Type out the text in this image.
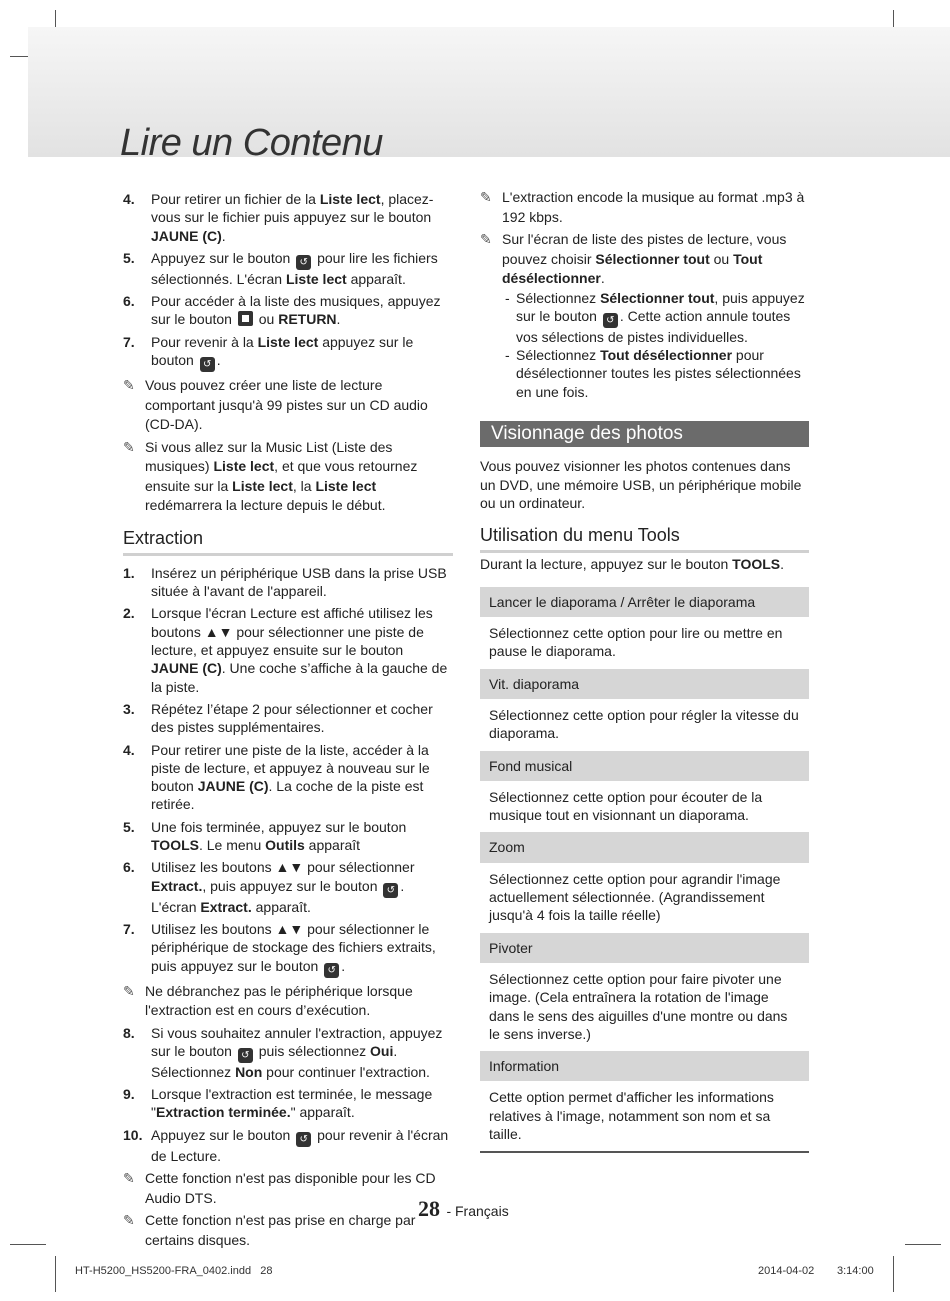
Lire un Contenu
4. Pour retirer un fichier de la Liste lect, placez-vous sur le fichier puis appuyez sur le bouton JAUNE (C).
5. Appuyez sur le bouton ↺ pour lire les fichiers sélectionnés. L'écran Liste lect apparaît.
6. Pour accéder à la liste des musiques, appuyez sur le bouton  ou RETURN.
7. Pour revenir à la Liste lect appuyez sur le bouton ↺ .
✎ Vous pouvez créer une liste de lecture comportant jusqu'à 99 pistes sur un CD audio (CD-DA).
✎ Si vous allez sur la Music List (Liste des musiques) Liste lect, et que vous retournez ensuite sur la Liste lect, la Liste lect redémarrera la lecture depuis le début.
Extraction
1. Insérez un périphérique USB dans la prise USB située à l'avant de l'appareil.
2. Lorsque l'écran Lecture est affiché utilisez les boutons ▲▼ pour sélectionner une piste de lecture, et appuyez ensuite sur le bouton JAUNE (C). Une coche s’affiche à la gauche de la piste.
3. Répétez l’étape 2 pour sélectionner et cocher des pistes supplémentaires.
4. Pour retirer une piste de la liste, accéder à la piste de lecture, et appuyez à nouveau sur le bouton JAUNE (C). La coche de la piste est retirée.
5. Une fois terminée, appuyez sur le bouton TOOLS. Le menu Outils apparaît
6. Utilisez les boutons ▲▼ pour sélectionner Extract., puis appuyez sur le bouton ↺ . L'écran Extract. apparaît.
7. Utilisez les boutons ▲▼ pour sélectionner le périphérique de stockage des fichiers extraits, puis appuyez sur le bouton ↺ .
✎ Ne débranchez pas le périphérique lorsque l'extraction est en cours d’exécution.
8. Si vous souhaitez annuler l'extraction, appuyez sur le bouton ↺ puis sélectionnez Oui. Sélectionnez Non pour continuer l'extraction.
9. Lorsque l'extraction est terminée, le message "Extraction terminée." apparaît.
10. Appuyez sur le bouton ↺ pour revenir à l'écran de Lecture.
✎ Cette fonction n'est pas disponible pour les CD Audio DTS.
✎ Cette fonction n'est pas prise en charge par certains disques.
✎ L'extraction encode la musique au format .mp3 à 192 kbps.
✎ Sur l'écran de liste des pistes de lecture, vous pouvez choisir Sélectionner tout ou Tout désélectionner.
- Sélectionnez Sélectionner tout, puis appuyez sur le bouton ↺ . Cette action annule toutes vos sélections de pistes individuelles.
- Sélectionnez Tout désélectionner pour désélectionner toutes les pistes sélectionnées en une fois.
Visionnage des photos
Vous pouvez visionner les photos contenues dans un DVD, une mémoire USB, un périphérique mobile ou un ordinateur.
Utilisation du menu Tools
Durant la lecture, appuyez sur le bouton TOOLS.
Lancer le diaporama / Arrêter le diaporama
Sélectionnez cette option pour lire ou mettre en pause le diaporama.
Vit. diaporama
Sélectionnez cette option pour régler la vitesse du diaporama.
Fond musical
Sélectionnez cette option pour écouter de la musique tout en visionnant un diaporama.
Zoom
Sélectionnez cette option pour agrandir l'image actuellement sélectionnée. (Agrandissement jusqu'à 4 fois la taille réelle)
Pivoter
Sélectionnez cette option pour faire pivoter une image. (Cela entraînera la rotation de l'image dans le sens des aiguilles d'une montre ou dans le sens inverse.)
Information
Cette option permet d'afficher les informations relatives à l'image, notamment son nom et sa taille.
28 - Français
HT-H5200_HS5200-FRA_0402.indd   28	2014-04-02 3:14:00
